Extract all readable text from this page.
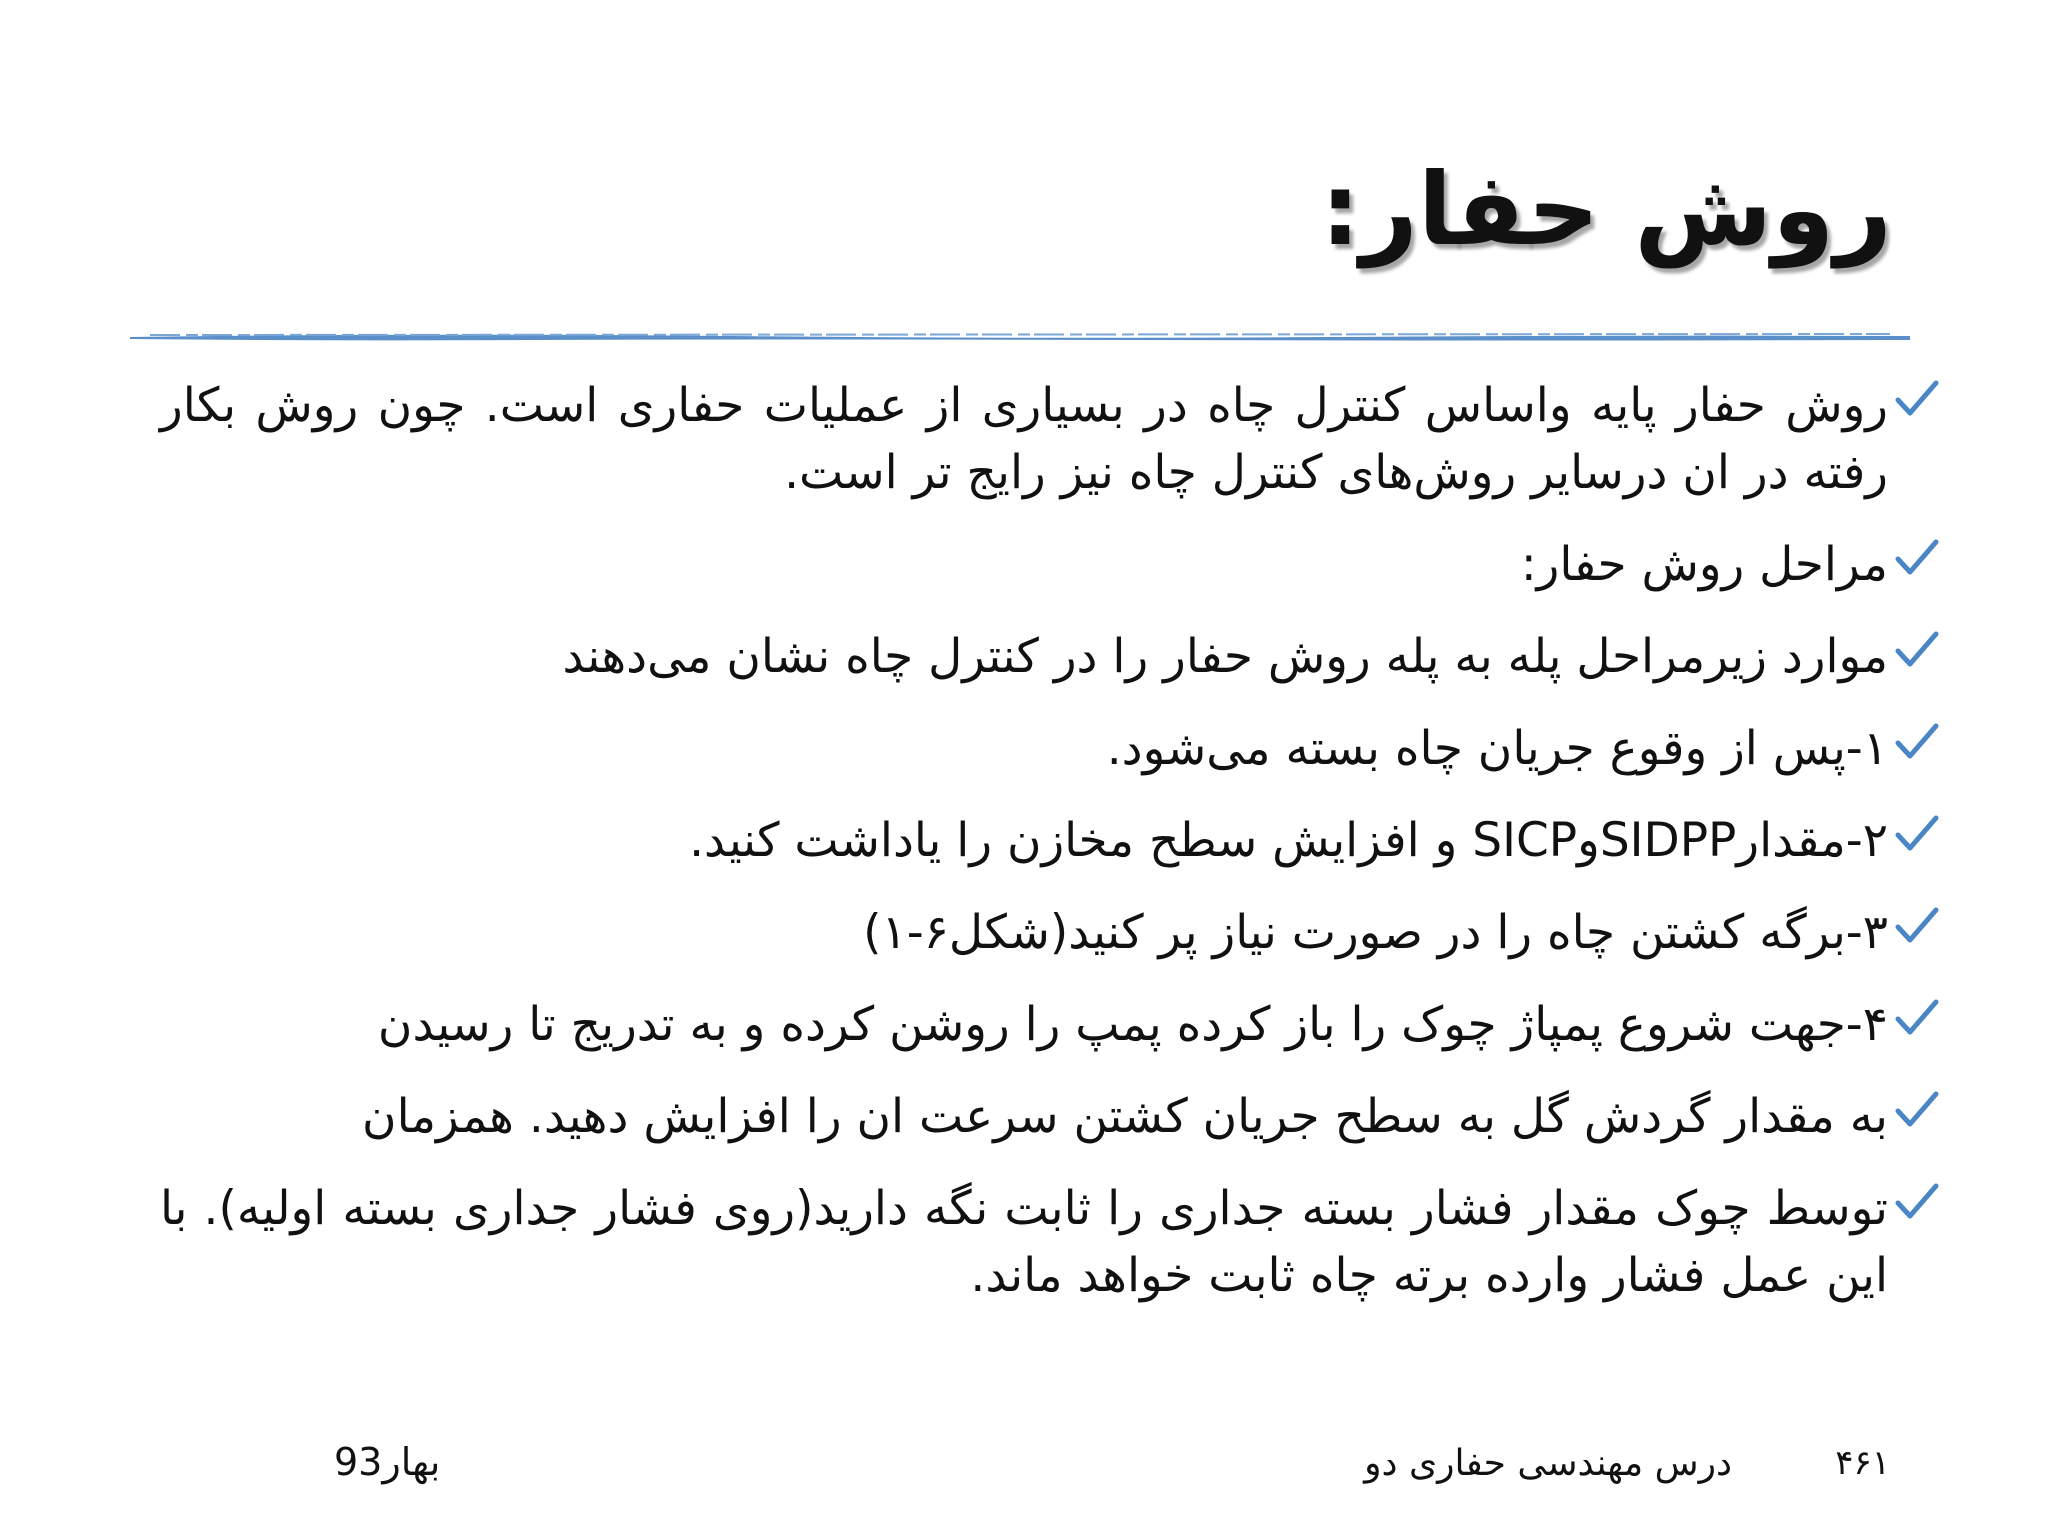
روش حفار:
روش حفار پایه واساس کنترل چاه در بسیاری از عملیات حفاری است. چون روش بکار رفته در ان درسایر روش‌های کنترل چاه نیز رایج تر است.
مراحل روش حفار:
موارد زیرمراحل پله به پله روش حفار را در کنترل چاه نشان می‌دهند
۱-پس از وقوع جریان چاه بسته می‌شود.
۲-مقدارSIDPPوSICP و افزایش سطح مخازن را یاداشت کنید.
۳-برگه کشتن چاه را در صورت نیاز پر کنید(شکل۶-۱)
۴-جهت شروع پمپاژ چوک را باز کرده پمپ را روشن کرده و به تدریج تا رسیدن
به مقدار گردش گل به سطح جریان کشتن سرعت ان را افزایش دهید. همزمان
توسط چوک مقدار فشار بسته جداری را ثابت نگه دارید(روی فشار جداری بسته اولیه). با این عمل فشار وارده برته چاه ثابت خواهد ماند.
۴۶۱
درس مهندسی حفاری دو
بهار93
